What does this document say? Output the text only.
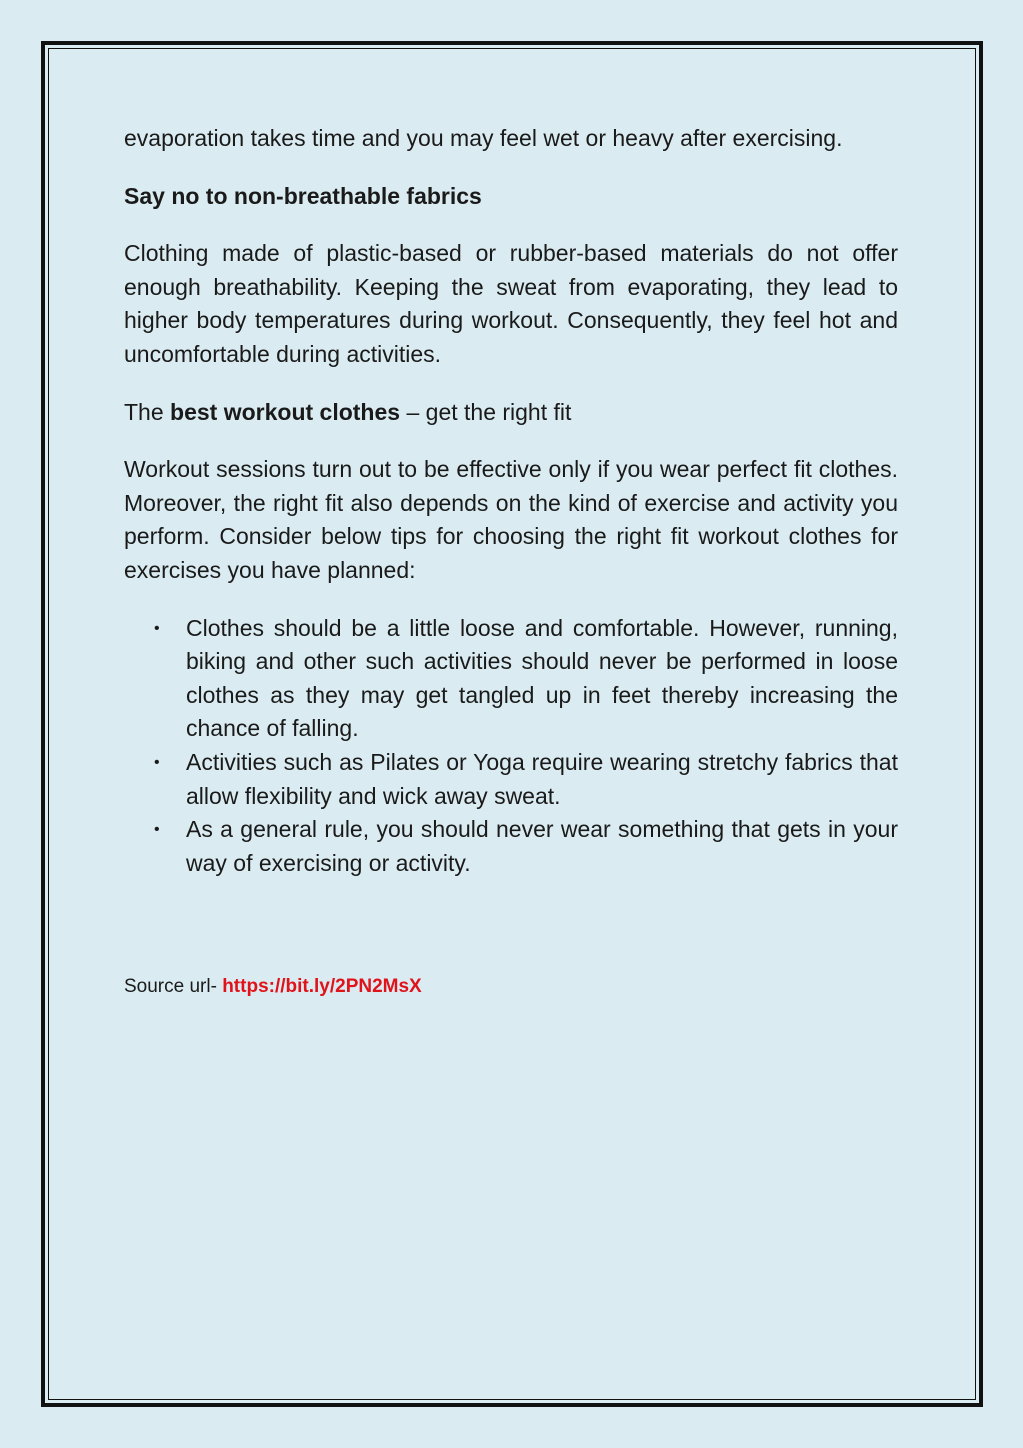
evaporation takes time and you may feel wet or heavy after exercising.

Say no to non-breathable fabrics

Clothing made of plastic-based or rubber-based materials do not offer enough breathability. Keeping the sweat from evaporating, they lead to higher body temperatures during workout. Consequently, they feel hot and uncomfortable during activities.

The best workout clothes – get the right fit

Workout sessions turn out to be effective only if you wear perfect fit clothes. Moreover, the right fit also depends on the kind of exercise and activity you perform. Consider below tips for choosing the right fit workout clothes for exercises you have planned:

• Clothes should be a little loose and comfortable. However, running, biking and other such activities should never be performed in loose clothes as they may get tangled up in feet thereby increasing the chance of falling.
• Activities such as Pilates or Yoga require wearing stretchy fabrics that allow flexibility and wick away sweat.
• As a general rule, you should never wear something that gets in your way of exercising or activity.

Source url- https://bit.ly/2PN2MsX
